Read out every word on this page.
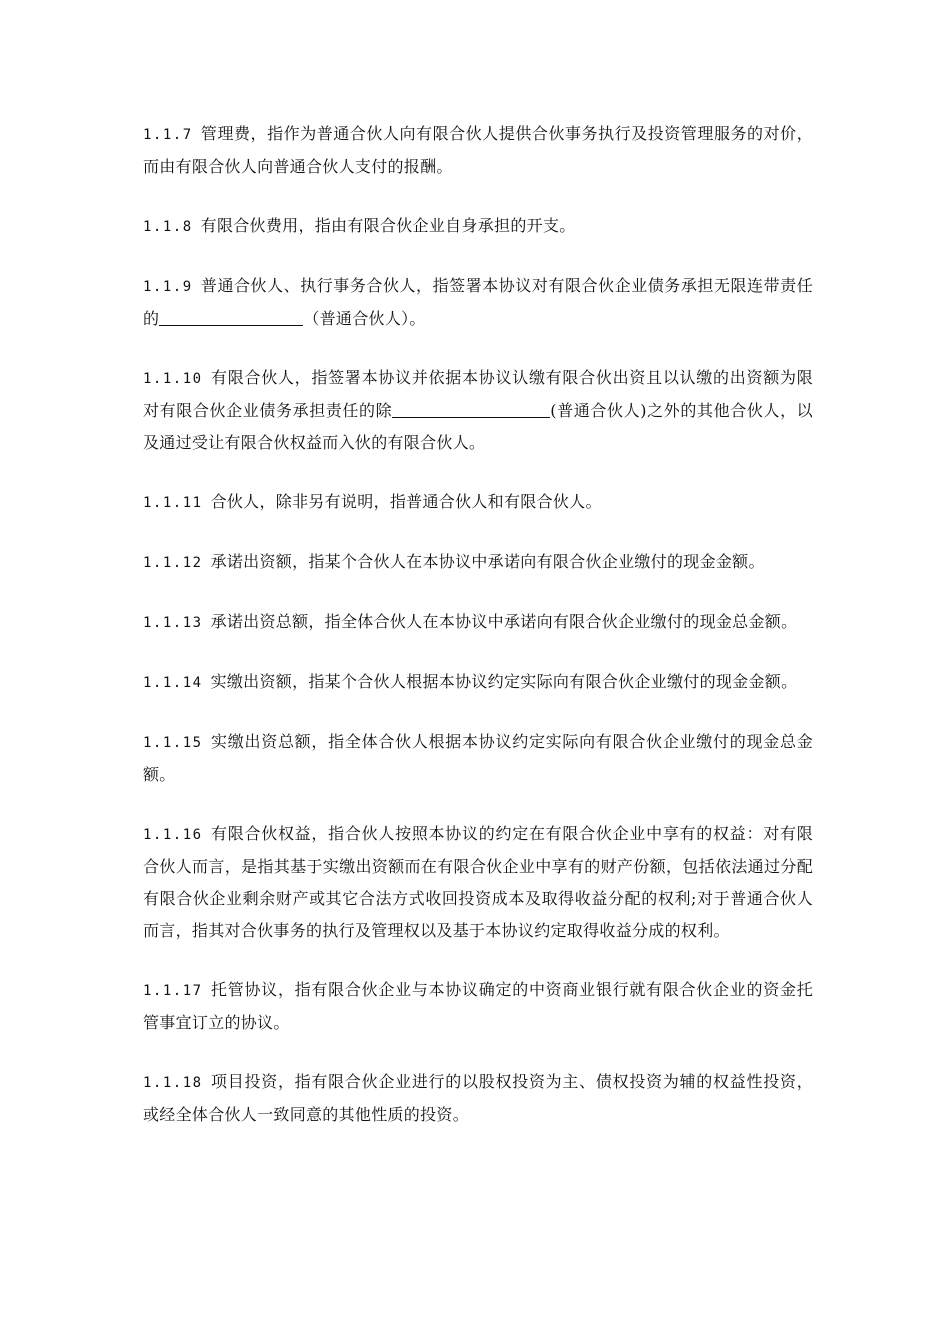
1.1.7 管理费，指作为普通合伙人向有限合伙人提供合伙事务执行及投资管理服务的对价，而由有限合伙人向普通合伙人支付的报酬。

1.1.8 有限合伙费用，指由有限合伙企业自身承担的开支。

1.1.9 普通合伙人、执行事务合伙人，指签署本协议对有限合伙企业债务承担无限连带责任的	（普通合伙人）。

1.1.10 有限合伙人，指签署本协议并依据本协议认缴有限合伙出资且以认缴的出资额为限对有限合伙企业债务承担责任的除	(普通合伙人)之外的其他合伙人，以及通过受让有限合伙权益而入伙的有限合伙人。

1.1.11 合伙人，除非另有说明，指普通合伙人和有限合伙人。

1.1.12 承诺出资额，指某个合伙人在本协议中承诺向有限合伙企业缴付的现金金额。

1.1.13 承诺出资总额，指全体合伙人在本协议中承诺向有限合伙企业缴付的现金总金额。

1.1.14 实缴出资额，指某个合伙人根据本协议约定实际向有限合伙企业缴付的现金金额。

1.1.15 实缴出资总额，指全体合伙人根据本协议约定实际向有限合伙企业缴付的现金总金额。

1.1.16 有限合伙权益，指合伙人按照本协议的约定在有限合伙企业中享有的权益：对有限合伙人而言，是指其基于实缴出资额而在有限合伙企业中享有的财产份额，包括依法通过分配有限合伙企业剩余财产或其它合法方式收回投资成本及取得收益分配的权利;对于普通合伙人而言，指其对合伙事务的执行及管理权以及基于本协议约定取得收益分成的权利。

1.1.17 托管协议，指有限合伙企业与本协议确定的中资商业银行就有限合伙企业的资金托管事宜订立的协议。

1.1.18 项目投资，指有限合伙企业进行的以股权投资为主、债权投资为辅的权益性投资，或经全体合伙人一致同意的其他性质的投资。
